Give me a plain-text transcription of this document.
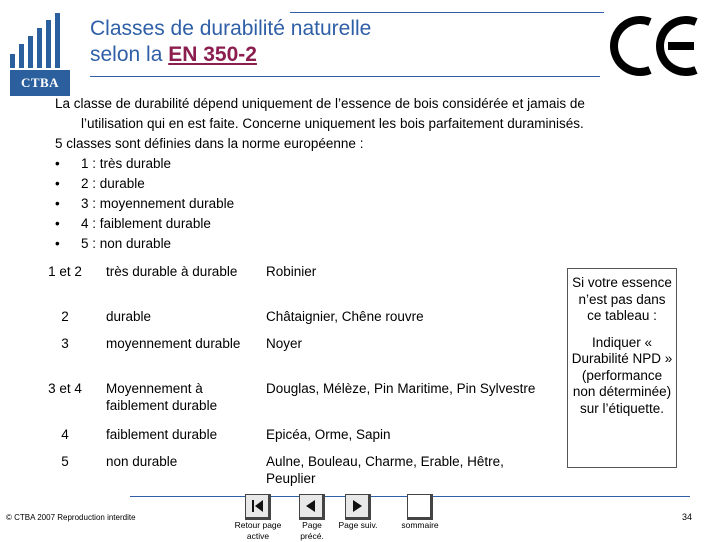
CTBA
Classes de durabilité naturelle
selon la EN 350-2

La classe de durabilité dépend uniquement de l’essence de bois considérée et jamais de

l’utilisation qui en est faite. Concerne uniquement les bois parfaitement duraminisés.

5 classes sont définies dans la norme européenne :

•	1 : très durable
•	2 : durable
•	3 : moyennement durable
•	4 : faiblement durable
•	5 : non durable
1 et 2	très durable à durable	Robinier
2	durable	Châtaignier, Chêne rouvre
3	moyennement durable	Noyer
3 et 4	Moyennement à faiblement durable	Douglas, Mélèze, Pin Maritime, Pin Sylvestre
4	faiblement durable	Epicéa, Orme, Sapin
5	non durable	Aulne, Bouleau, Charme, Erable, Hêtre, Peuplier

Si votre essence n’est pas dans ce tableau :

Indiquer « Durabilité NPD » (performance non déterminée) sur l’étiquette.

© CTBA 2007 Reproduction interdite	34
Retour page active
Page précé.
Page suiv.	sommaire
